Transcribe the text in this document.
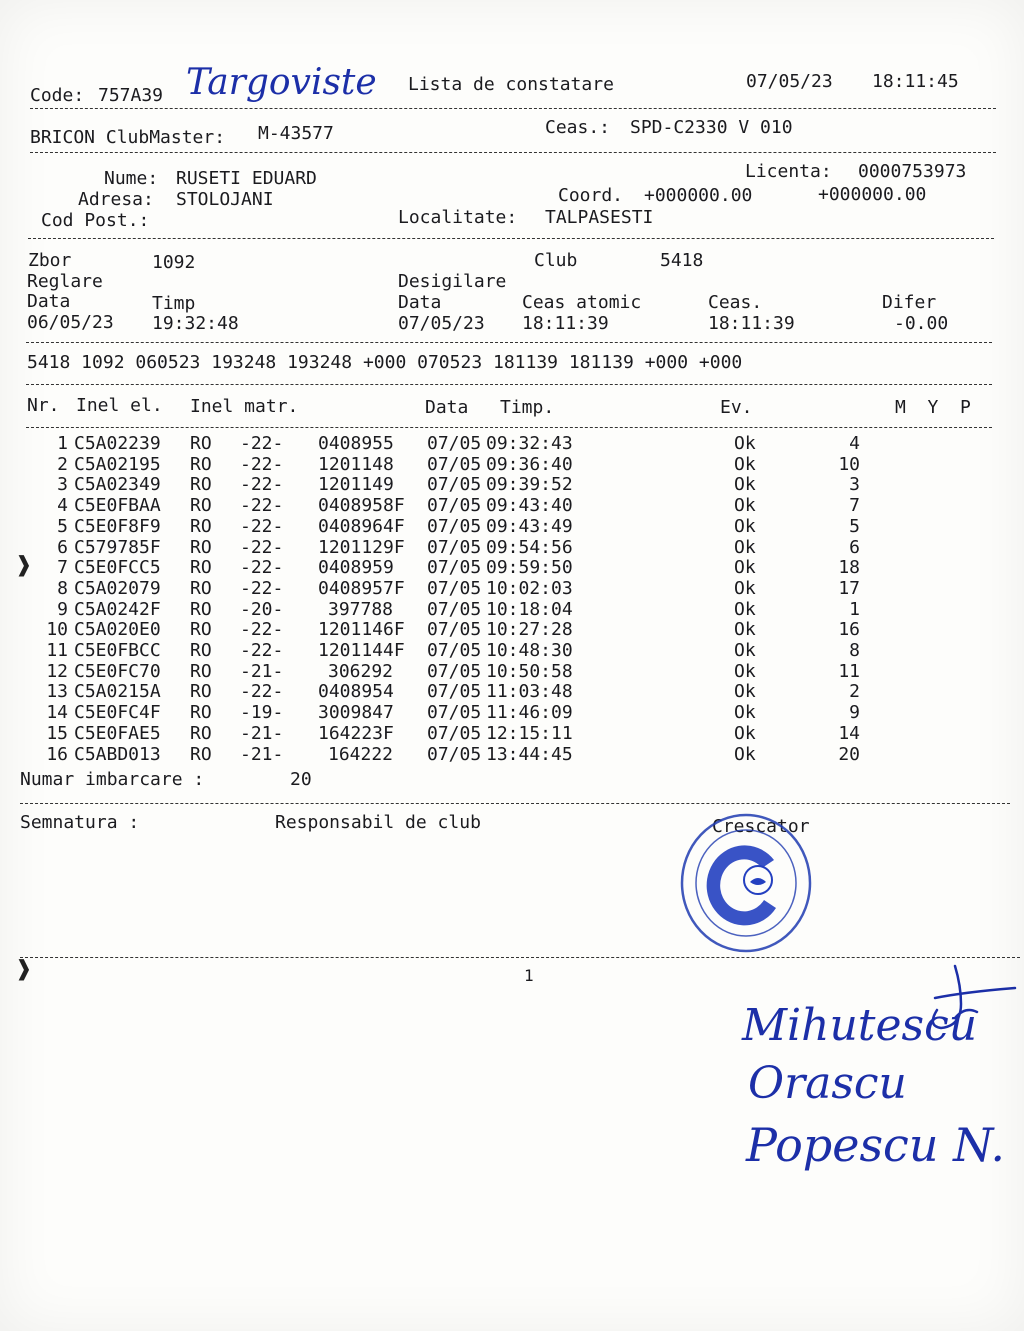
Code: 757A39 Targoviste Lista de constatare	07/05/23 18:11:45
BRICON ClubMaster: M-43577	Ceas.: SPD-C2330 V 010
Licenta: 0000753973
Nume: RUSETI EDUARD
Adresa: STOLOJANI	Coord. +000000.00	+000000.00
Cod Post.:	Localitate: TALPASESTI
Zbor	1092	Club	5418
Reglare	Desigilare
Data	Timp	Data	Ceas atomic	Ceas.	Difer
06/05/23 19:32:48	07/05/23 18:11:39	18:11:39	-0.00
5418 1092 060523 193248 193248 +000 070523 181139 181139 +000 +000
Nr. Inel el. Inel matr.	Data Timp.	Ev.	M  Y  P
1 C5A02239 RO -22- 0408955 07/05 09:32:43	Ok	4
2 C5A02195 RO -22- 1201148 07/05 09:36:40	Ok	10
3 C5A02349 RO -22- 1201149 07/05 09:39:52	Ok	3
4 C5E0FBAA RO -22- 0408958F 07/05 09:43:40	Ok	7
5 C5E0F8F9 RO -22- 0408964F 07/05 09:43:49	Ok	5
6 C579785F RO -22- 1201129F 07/05 09:54:56	Ok	6
7 C5E0FCC5 RO -22- 0408959 07/05 09:59:50	Ok	18
8 C5A02079 RO -22- 0408957F 07/05 10:02:03	Ok	17
9 C5A0242F RO -20- 397788 07/05 10:18:04	Ok	1
10 C5A020E0 RO -22- 1201146F 07/05 10:27:28	Ok	16
11 C5E0FBCC RO -22- 1201144F 07/05 10:48:30	Ok	8
12 C5E0FC70 RO -21- 306292 07/05 10:50:58	Ok	11
13 C5A0215A RO -22- 0408954 07/05 11:03:48	Ok	2
14 C5E0FC4F RO -19- 3009847 07/05 11:46:09	Ok	9
15 C5E0FAE5 RO -21- 164223F 07/05 12:15:11	Ok	14
16 C5ABD013 RO -21- 164222 07/05 13:44:45	Ok	20
❱
Numar imbarcare :	20
Semnatura :	Responsabil de club	Crescator
❱	1
Mihutescu
Orascu
Popescu N.
